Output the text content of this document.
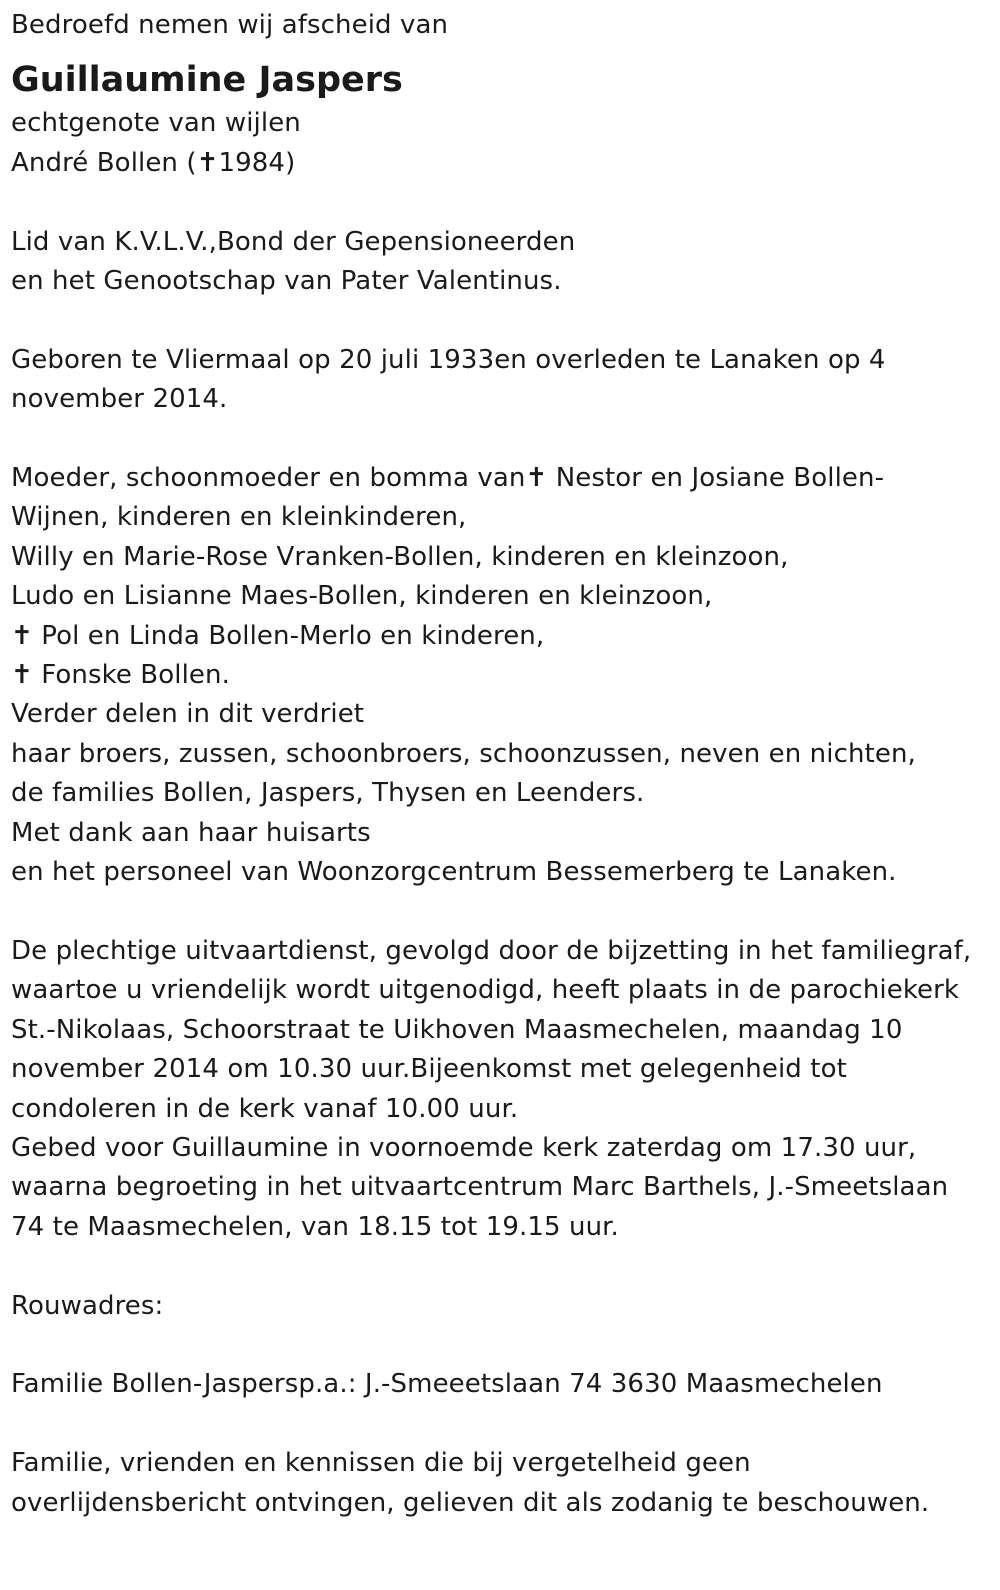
Bedroefd nemen wij afscheid van
Guillaumine Jaspers
echtgenote van wijlen
André Bollen (✝1984)
Lid van K.V.L.V.,Bond der Gepensioneerden
en het Genootschap van Pater Valentinus.
Geboren te Vliermaal op 20 juli 1933en overleden te Lanaken op 4
november 2014.
Moeder, schoonmoeder en bomma van✝ Nestor en Josiane Bollen-
Wijnen, kinderen en kleinkinderen,
Willy en Marie-Rose Vranken-Bollen, kinderen en kleinzoon,
Ludo en Lisianne Maes-Bollen, kinderen en kleinzoon,
✝ Pol en Linda Bollen-Merlo en kinderen,
✝ Fonske Bollen.
Verder delen in dit verdriet
haar broers, zussen, schoonbroers, schoonzussen, neven en nichten,
de families Bollen, Jaspers, Thysen en Leenders.
Met dank aan haar huisarts
en het personeel van Woonzorgcentrum Bessemerberg te Lanaken.
De plechtige uitvaartdienst, gevolgd door de bijzetting in het familiegraf,
waartoe u vriendelijk wordt uitgenodigd, heeft plaats in de parochiekerk
St.-Nikolaas, Schoorstraat te Uikhoven Maasmechelen, maandag 10
november 2014 om 10.30 uur.Bijeenkomst met gelegenheid tot
condoleren in de kerk vanaf 10.00 uur.
Gebed voor Guillaumine in voornoemde kerk zaterdag om 17.30 uur,
waarna begroeting in het uitvaartcentrum Marc Barthels, J.-Smeetslaan
74 te Maasmechelen, van 18.15 tot 19.15 uur.
Rouwadres:
Familie Bollen-Jaspersp.a.: J.-Smeeetslaan 74 3630 Maasmechelen
Familie, vrienden en kennissen die bij vergetelheid geen
overlijdensbericht ontvingen, gelieven dit als zodanig te beschouwen.
